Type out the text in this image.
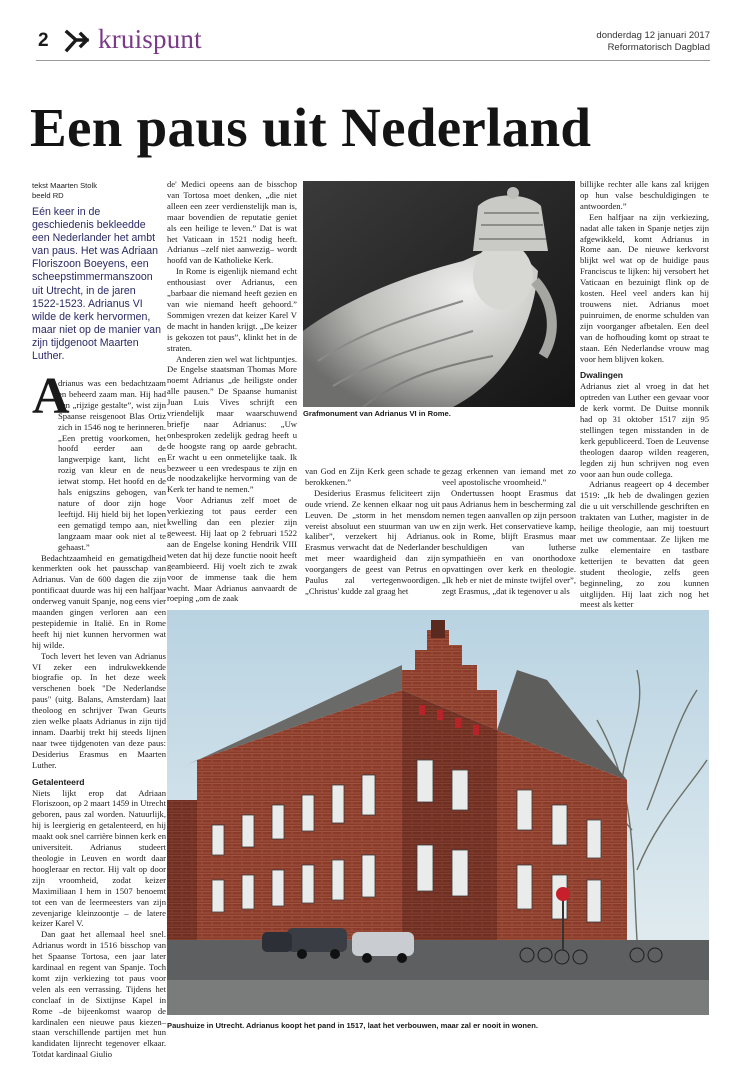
2 kruispunt	donderdag 12 januari 2017
Reformatorisch Dagblad
Een paus uit Nederland
tekst Maarten Stolk
beeld RD
Eén keer in de geschiedenis bekleedde een Nederlander het ambt van paus. Het was Adriaan Floriszoon Boeyens, een scheepstimmermanszoon uit Utrecht, in de jaren 1522-1523. Adrianus VI wilde de kerk hervormen, maar niet op de manier van zijn tijdgenoot Maarten Luther.
A

drianus was een bedachtzaam en beheerd zaam man. Hij had een „rijzige gestalte”, wist zijn Spaanse reisgenoot Blas Ortiz zich in 1546 nog te herinneren. „Een prettig voorkomen, het hoofd eerder aan de langwerpige kant, licht en rozig van kleur en de neus ietwat stomp. Het hoofd en de hals enigszins gebogen, van nature of door zijn hoge leeftijd. Hij hield bij het lopen een gematigd tempo aan, niet langzaam maar ook niet al te gehaast.”

Bedachtzaamheid en gematigdheid kenmerkten ook het pausschap van Adrianus. Van de 600 dagen die zijn pontificaat duurde was hij een halfjaar onderweg vanuit Spanje, nog eens vier maanden gingen verloren aan een pestepidemie in Italië. En in Rome heeft hij niet kunnen hervormen wat hij wilde.

Toch levert het leven van Adrianus VI zeker een indrukwekkende biografie op. In het deze week verschenen boek "De Nederlandse paus" (uitg. Balans, Amsterdam) laat theoloog en schrijver Twan Geurts zien welke plaats Adrianus in zijn tijd innam. Daarbij trekt hij steeds lijnen naar twee tijdgenoten van deze paus: Desiderius Erasmus en Maarten Luther.

Getalenteerd

Niets lijkt erop dat Adriaan Floriszoon, op 2 maart 1459 in Utrecht geboren, paus zal worden. Natuurlijk, hij is leergierig en getalenteerd, en hij maakt ook snel carrière binnen kerk en universiteit. Adrianus studeert theologie in Leuven en wordt daar hoogleraar en rector. Hij valt op door zijn vroomheid, zodat keizer Maximiliaan I hem in 1507 benoemt tot een van de leermeesters van zijn zevenjarige kleinzoontje – de latere keizer Karel V.

Dan gaat het allemaal heel snel. Adrianus wordt in 1516 bisschop van het Spaanse Tortosa, een jaar later kardinaal en regent van Spanje. Toch komt zijn verkiezing tot paus voor velen als een verrassing. Tijdens het conclaaf in de Sixtijnse Kapel in Rome –de bijeenkomst waarop de kardinalen een nieuwe paus kiezen– staan verschillende partijen met hun kandidaten lijnrecht tegenover elkaar. Totdat kardinaal Giulio

de' Medici opeens aan de bisschop van Tortosa moet denken, „die niet alleen een zeer verdienstelijk man is, maar bovendien de reputatie geniet als een heilige te leven.” Dat is wat het Vaticaan in 1521 nodig heeft. Adrianus –zelf niet aanwezig– wordt hoofd van de Katholieke Kerk.

In Rome is eigenlijk niemand echt enthousiast over Adrianus, een „barbaar die niemand heeft gezien en van wie niemand heeft gehoord.” Sommigen vrezen dat keizer Karel V de macht in handen krijgt. „De keizer is gekozen tot paus”, klinkt het in de straten.

Anderen zien wel wat lichtpuntjes. De Engelse staatsman Thomas More noemt Adrianus „de heiligste onder alle pausen.” De Spaanse humanist Juan Luis Vives schrijft een vriendelijk maar waarschuwend briefje naar Adrianus: „Uw onbesproken zedelijk gedrag heeft u de hoogste rang op aarde gebracht. Er wacht u een onmetelijke taak. Ik bezweer u een vredespaus te zijn en de noodzakelijke hervorming van de Kerk ter hand te nemen.”

Voor Adrianus zelf moet de verkiezing tot paus eerder een kwelling dan een plezier zijn geweest. Hij laat op 2 februari 1522 aan de Engelse koning Hendrik VIII weten dat hij deze functie nooit heeft geambieerd. Hij voelt zich te zwak voor de immense taak die hem wacht. Maar Adrianus aanvaardt de roeping „om de zaak

Grafmonument van Adrianus VI in Rome.

van God en Zijn Kerk geen schade te berokkenen.”

Desiderius Erasmus feliciteert zijn oude vriend. Ze kennen elkaar nog uit Leuven. De „storm in het mensdom vereist absoluut een stuurman van uw kaliber”, verzekert hij Adrianus. Erasmus verwacht dat de Nederlander met meer waardigheid dan zijn voorgangers de geest van Petrus en Paulus zal vertegenwoordigen. „Christus' kudde zal graag het

gezag erkennen van iemand met zo veel apostolische vroomheid.”

Ondertussen hoopt Erasmus dat paus Adrianus hem in bescherming zal nemen tegen aanvallen op zijn persoon en zijn werk. Het conservatieve kamp, ook in Rome, blijft Erasmus maar beschuldigen van lutherse sympathieën en van onorthodoxe opvattingen over kerk en theologie. „Ik heb er niet de minste twijfel over”, zegt Erasmus, „dat ik tegenover u als

billijke rechter alle kans zal krijgen op hun valse beschuldigingen te antwoorden.”

Een halfjaar na zijn verkiezing, nadat alle taken in Spanje netjes zijn afgewikkeld, komt Adrianus in Rome aan. De nieuwe kerkvorst blijkt wel wat op de huidige paus Franciscus te lijken: hij versobert het Vaticaan en bezuinigt flink op de kosten. Heel veel anders kan hij trouwens niet. Adrianus moet puinruimen, de enorme schulden van zijn voorganger afbetalen. Een deel van de hofhouding komt op straat te staan. Eén Nederlandse vrouw mag voor hem blijven koken.

Dwalingen

Adrianus ziet al vroeg in dat het optreden van Luther een gevaar voor de kerk vormt. De Duitse monnik had op 31 oktober 1517 zijn 95 stellingen tegen misstanden in de kerk gepubliceerd. Toen de Leuvense theologen daarop wilden reageren, legden zij hun schrijven nog even voor aan hun oude collega.

Adrianus reageert op 4 december 1519: „Ik heb de dwalingen gezien die u uit verschillende geschriften en traktaten van Luther, magister in de heilige theologie, aan mij toestuurt met uw commentaar. Ze lijken me zulke elementaire en tastbare ketterijen te bevatten dat geen student theologie, zelfs geen beginneling, zo zou kunnen uitglijden. Hij laat zich nog het meest als ketter

Paushuize in Utrecht. Adrianus koopt het pand in 1517, laat het verbouwen, maar zal er nooit in wonen.
